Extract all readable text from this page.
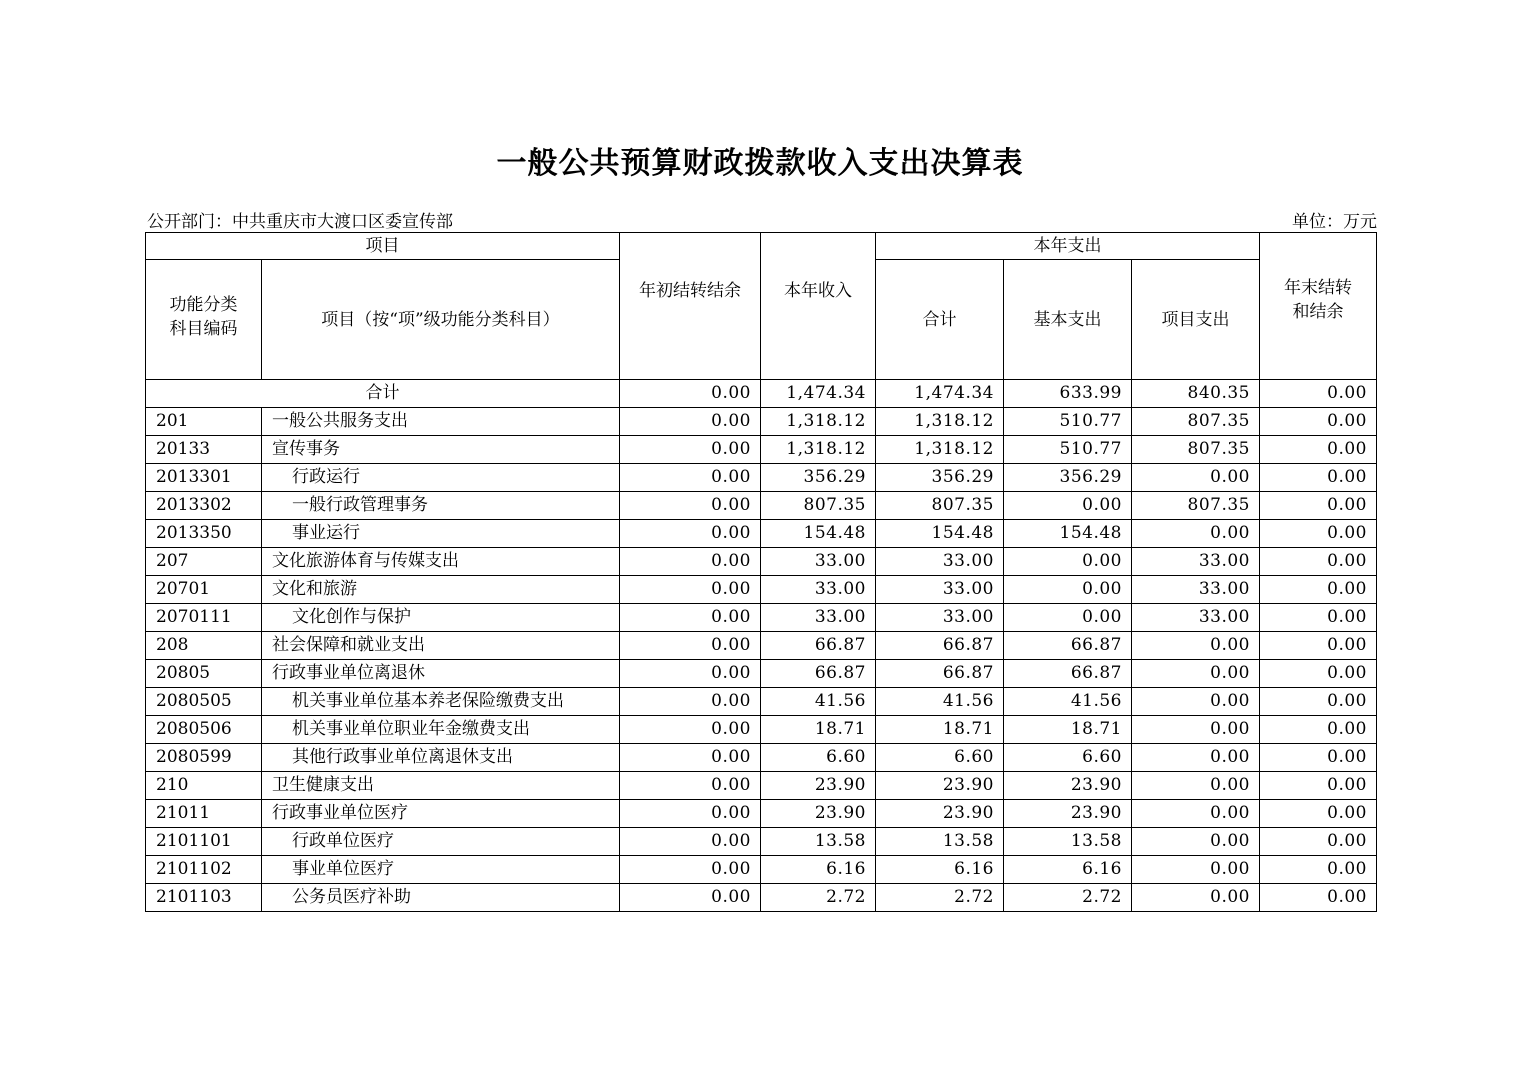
一般公共预算财政拨款收入支出决算表
公开部门：中共重庆市大渡口区委宣传部	单位：万元
项目		年初结转结余	本年收入	本年支出			年末结转
和结余

功能分类
科目编码	项目（按“项”级功能分类科目）			合计	基本支出	项目支出	
合计		0.00	1,474.34	1,474.34	633.99	840.35	0.00
201	一般公共服务支出	0.00	1,318.12	1,318.12	510.77	807.35	0.00
20133	宣传事务	0.00	1,318.12	1,318.12	510.77	807.35	0.00
2013301	行政运行	0.00	356.29	356.29	356.29	0.00	0.00
2013302	一般行政管理事务	0.00	807.35	807.35	0.00	807.35	0.00
2013350	事业运行	0.00	154.48	154.48	154.48	0.00	0.00
207	文化旅游体育与传媒支出	0.00	33.00	33.00	0.00	33.00	0.00
20701	文化和旅游	0.00	33.00	33.00	0.00	33.00	0.00
2070111	文化创作与保护	0.00	33.00	33.00	0.00	33.00	0.00
208	社会保障和就业支出	0.00	66.87	66.87	66.87	0.00	0.00
20805	行政事业单位离退休	0.00	66.87	66.87	66.87	0.00	0.00
2080505	机关事业单位基本养老保险缴费支出	0.00	41.56	41.56	41.56	0.00	0.00
2080506	机关事业单位职业年金缴费支出	0.00	18.71	18.71	18.71	0.00	0.00
2080599	其他行政事业单位离退休支出	0.00	6.60	6.60	6.60	0.00	0.00
210	卫生健康支出	0.00	23.90	23.90	23.90	0.00	0.00
21011	行政事业单位医疗	0.00	23.90	23.90	23.90	0.00	0.00
2101101	行政单位医疗	0.00	13.58	13.58	13.58	0.00	0.00
2101102	事业单位医疗	0.00	6.16	6.16	6.16	0.00	0.00
2101103	公务员医疗补助	0.00	2.72	2.72	2.72	0.00	0.00
